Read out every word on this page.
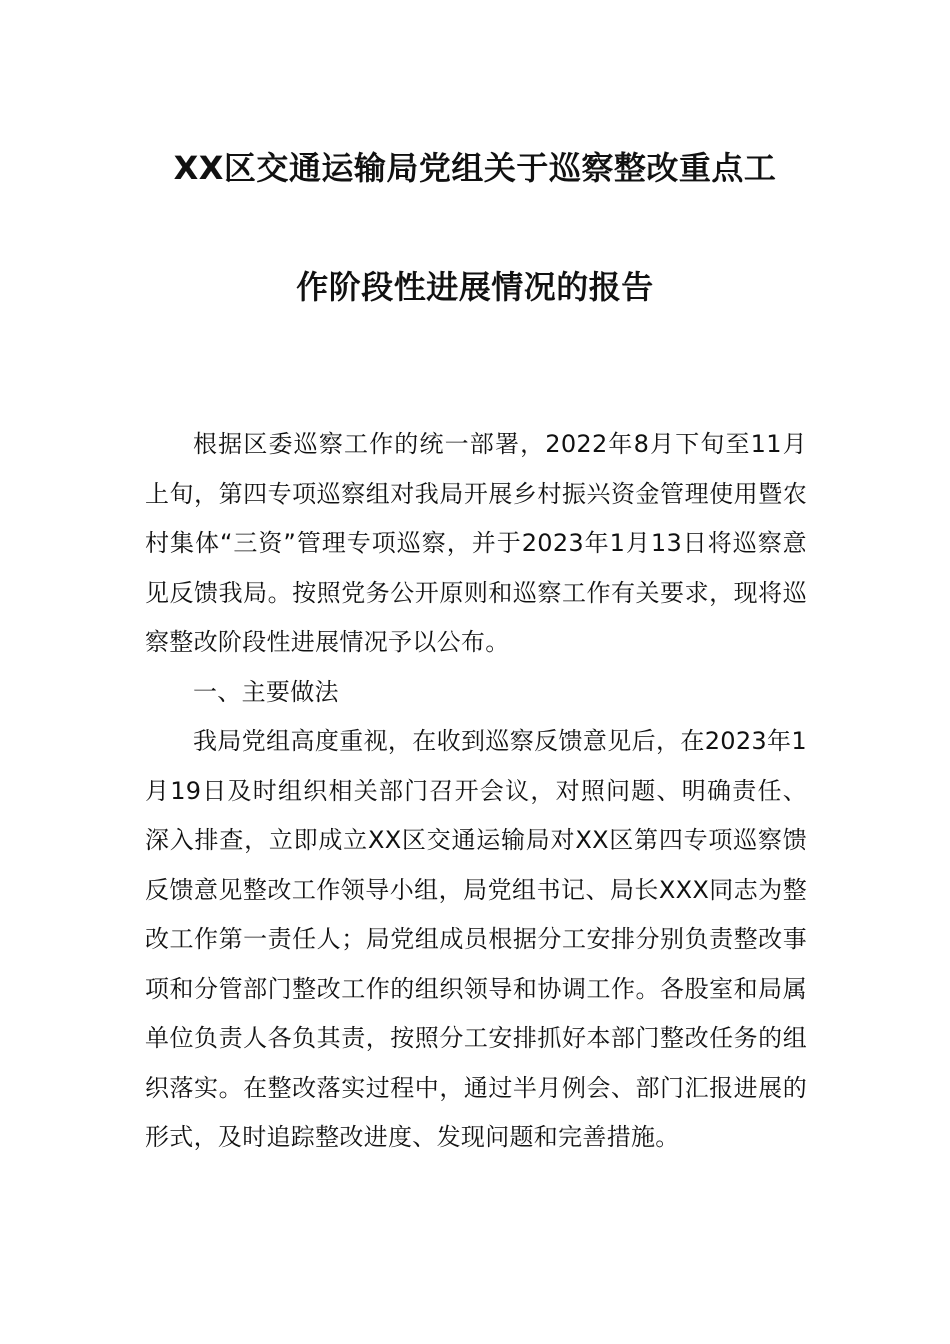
XX区交通运输局党组关于巡察整改重点工
作阶段性进展情况的报告

根据区委巡察工作的统一部署，2022年8月下旬至11月上旬，第四专项巡察组对我局开展乡村振兴资金管理使用暨农村集体“三资”管理专项巡察，并于2023年1月13日将巡察意见反馈我局。按照党务公开原则和巡察工作有关要求，现将巡察整改阶段性进展情况予以公布。

一、主要做法

我局党组高度重视，在收到巡察反馈意见后，在2023年1月19日及时组织相关部门召开会议，对照问题、明确责任、深入排查，立即成立XX区交通运输局对XX区第四专项巡察馈反馈意见整改工作领导小组，局党组书记、局长XXX同志为整改工作第一责任人；局党组成员根据分工安排分别负责整改事项和分管部门整改工作的组织领导和协调工作。各股室和局属单位负责人各负其责，按照分工安排抓好本部门整改任务的组织落实。在整改落实过程中，通过半月例会、部门汇报进展的形式，及时追踪整改进度、发现问题和完善措施。
